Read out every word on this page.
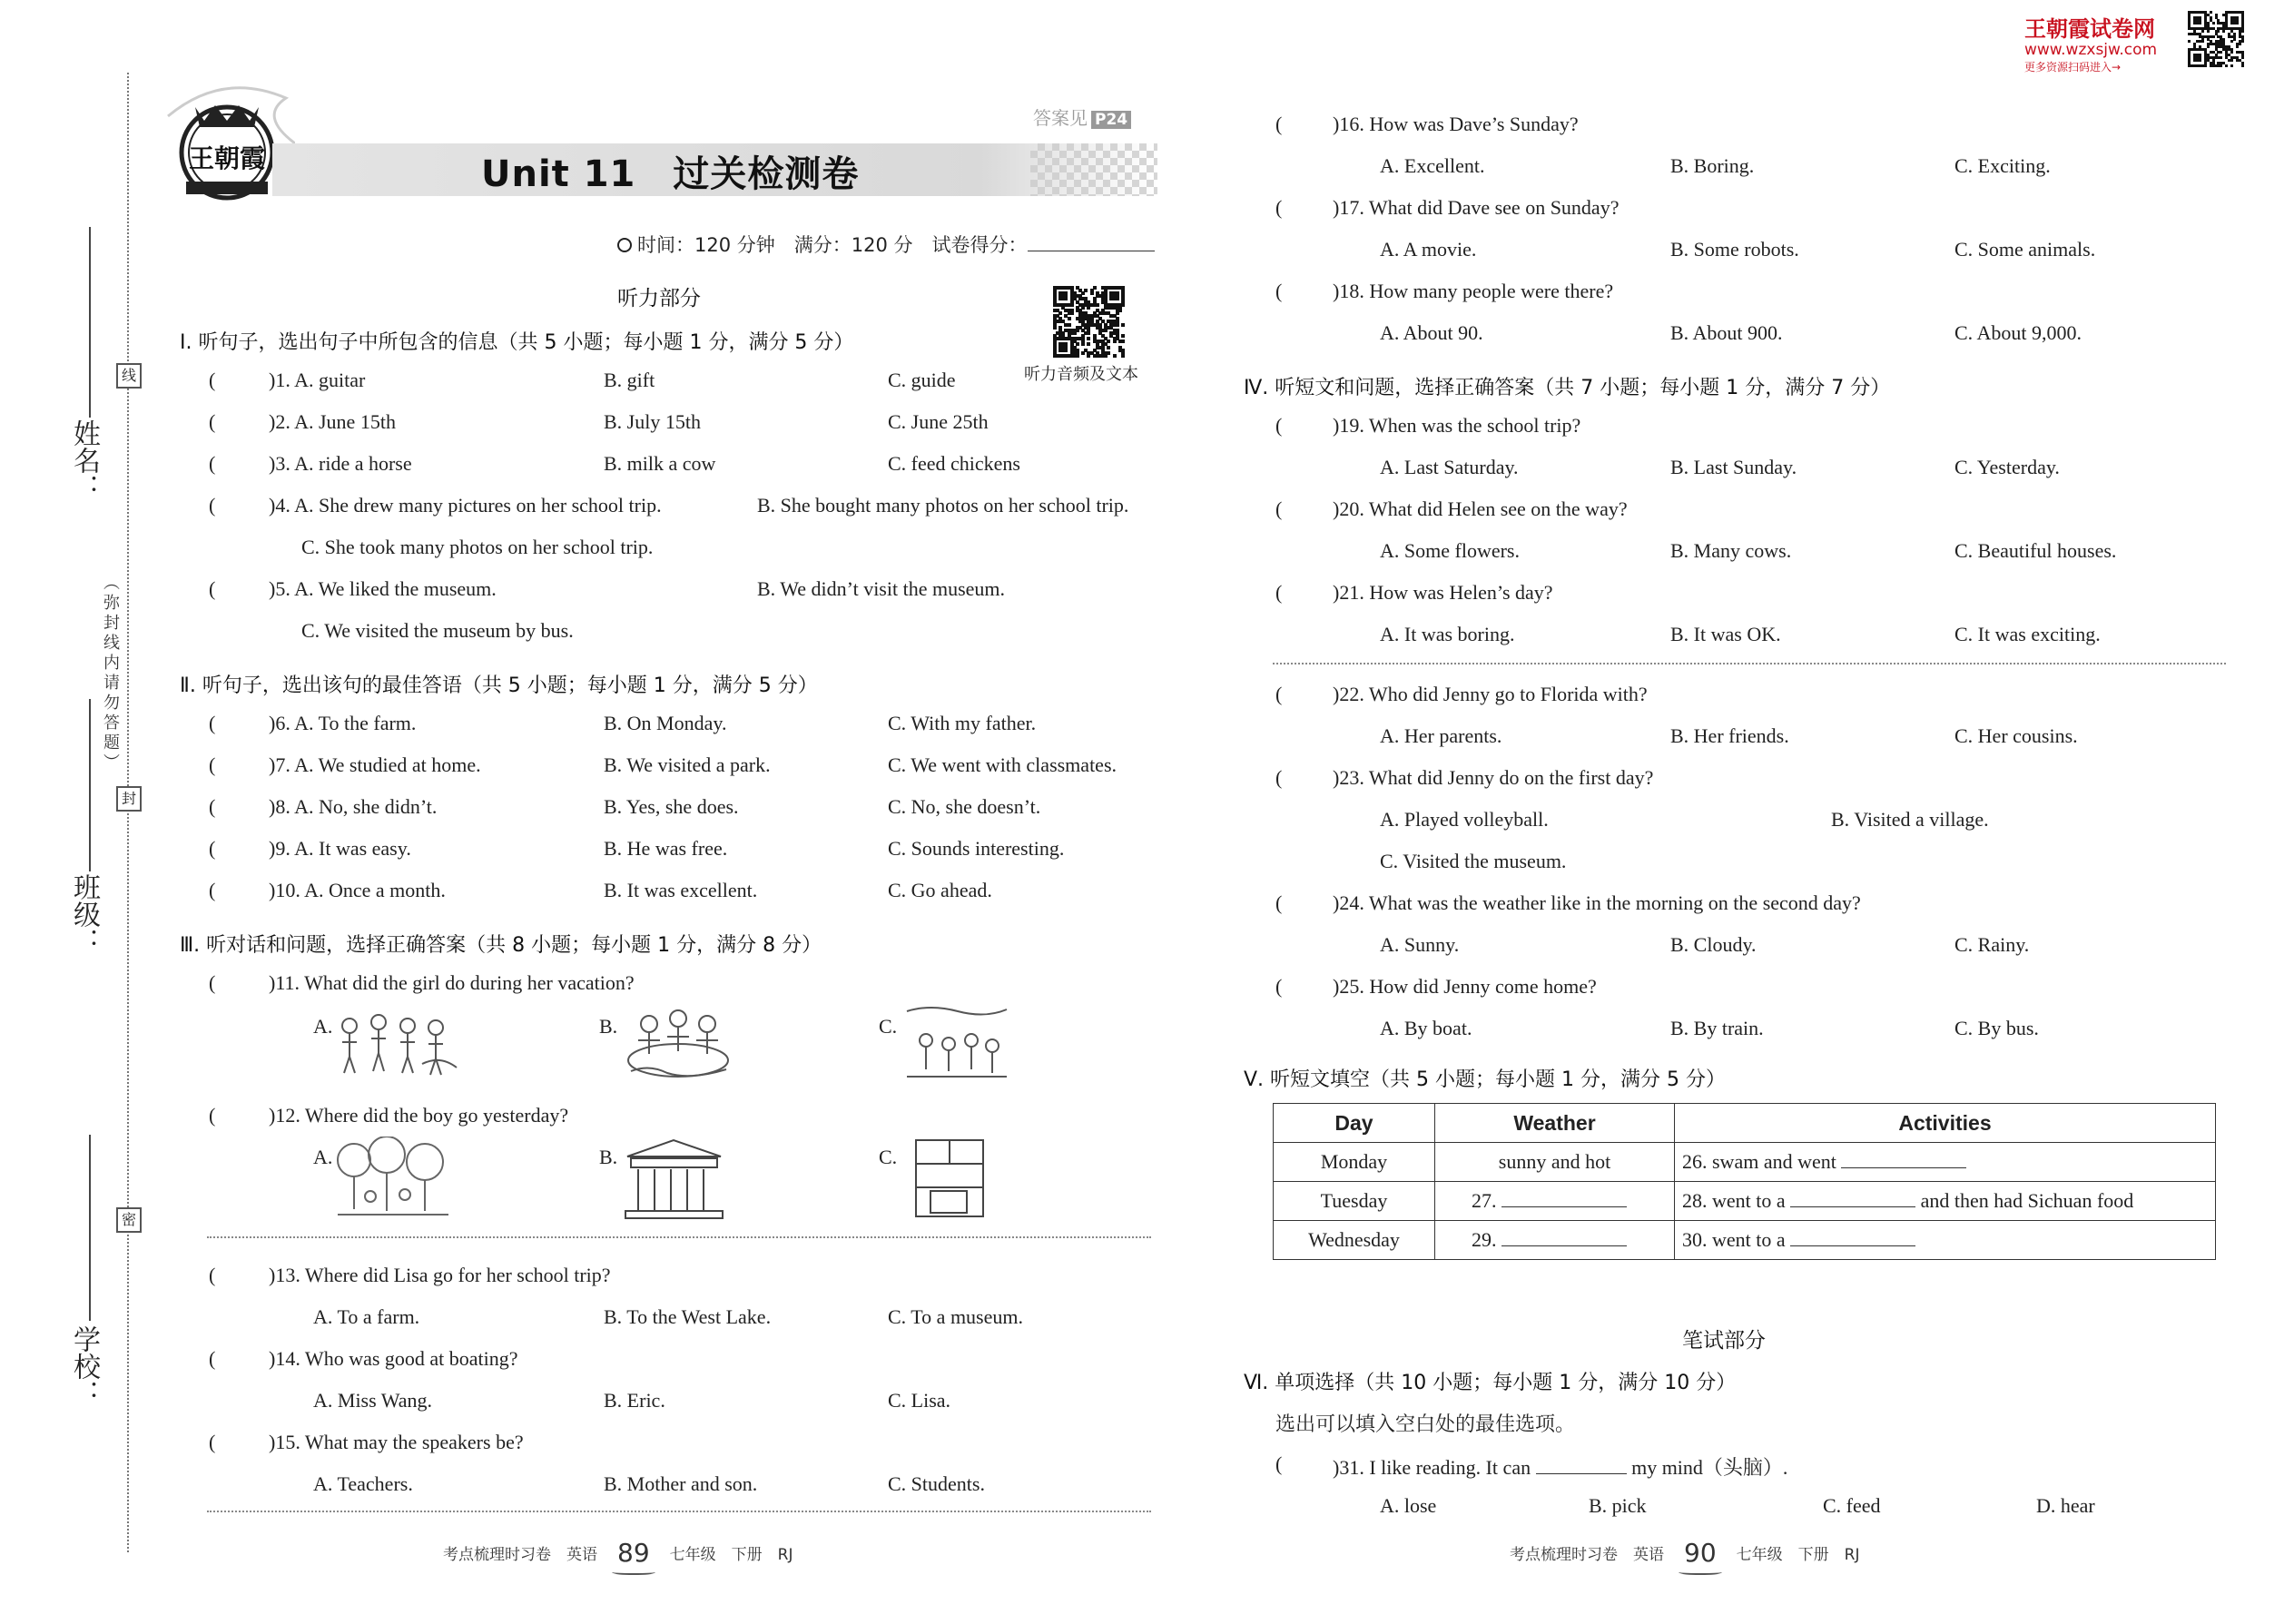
姓名：
班级：
学校：
（弥封线内请勿答题）
线
封
密
王朝霞	Unit 11　过关检测卷
答案见 P24
时间：120 分钟　满分：120 分　试卷得分：
听力音频及文本
王朝霞试卷网
www.wzxsjw.com
更多资源扫码进入→
听力部分
Ⅰ. 听句子，选出句子中所包含的信息（共 5 小题；每小题 1 分，满分 5 分）
(	)1. A. guitar	B. gift	C. guide
(	)2. A. June 15th	B. July 15th	C. June 25th
(	)3. A. ride a horse	B. milk a cow	C. feed chickens
(	)4. A. She drew many pictures on her school trip.	B. She bought many photos on her school trip.
C. She took many photos on her school trip.
(	)5. A. We liked the museum.	B. We didn’t visit the museum.
C. We visited the museum by bus.
Ⅱ. 听句子，选出该句的最佳答语（共 5 小题；每小题 1 分，满分 5 分）
(	)6. A. To the farm.	B. On Monday.	C. With my father.
(	)7. A. We studied at home.	B. We visited a park.	C. We went with classmates.
(	)8. A. No, she didn’t.	B. Yes, she does.	C. No, she doesn’t.
(	)9. A. It was easy.	B. He was free.	C. Sounds interesting.
(	)10. A. Once a month.	B. It was excellent.	C. Go ahead.
Ⅲ. 听对话和问题，选择正确答案（共 8 小题；每小题 1 分，满分 8 分）
(	)11. What did the girl do during her vacation?
A.	B.	C.
(	)12. Where did the boy go yesterday?
A.	B.	C.
(	)13. Where did Lisa go for her school trip?
A. To a farm.	B. To the West Lake.	C. To a museum.
(	)14. Who was good at boating?
A. Miss Wang.	B. Eric.	C. Lisa.
(	)15. What may the speakers be?
A. Teachers.	B. Mother and son.	C. Students.
考点梳理时习卷　英语 89 七年级　下册　RJ
(	)16. How was Dave’s Sunday?
A. Excellent.	B. Boring.	C. Exciting.
(	)17. What did Dave see on Sunday?
A. A movie.	B. Some robots.	C. Some animals.
(	)18. How many people were there?
A. About 90.	B. About 900.	C. About 9,000.
Ⅳ. 听短文和问题，选择正确答案（共 7 小题；每小题 1 分，满分 7 分）
(	)19. When was the school trip?
A. Last Saturday.	B. Last Sunday.	C. Yesterday.
(	)20. What did Helen see on the way?
A. Some flowers.	B. Many cows.	C. Beautiful houses.
(	)21. How was Helen’s day?
A. It was boring.	B. It was OK.	C. It was exciting.
(	)22. Who did Jenny go to Florida with?
A. Her parents.	B. Her friends.	C. Her cousins.
(	)23. What did Jenny do on the first day?
A. Played volleyball.	B. Visited a village.
C. Visited the museum.
(	)24. What was the weather like in the morning on the second day?
A. Sunny.	B. Cloudy.	C. Rainy.
(	)25. How did Jenny come home?
A. By boat.	B. By train.	C. By bus.
Ⅴ. 听短文填空（共 5 小题；每小题 1 分，满分 5 分）
Day	Weather	Activities
Monday	sunny and hot	26. swam and went
Tuesday	27.	28. went to a and then had Sichuan food
Wednesday	29.	30. went to a
笔试部分
Ⅵ. 单项选择（共 10 小题；每小题 1 分，满分 10 分）
选出可以填入空白处的最佳选项。
(	)31. I like reading. It can	my mind（头脑）.
A. lose	B. pick	C. feed	D. hear
考点梳理时习卷　英语 90 七年级　下册　RJ
